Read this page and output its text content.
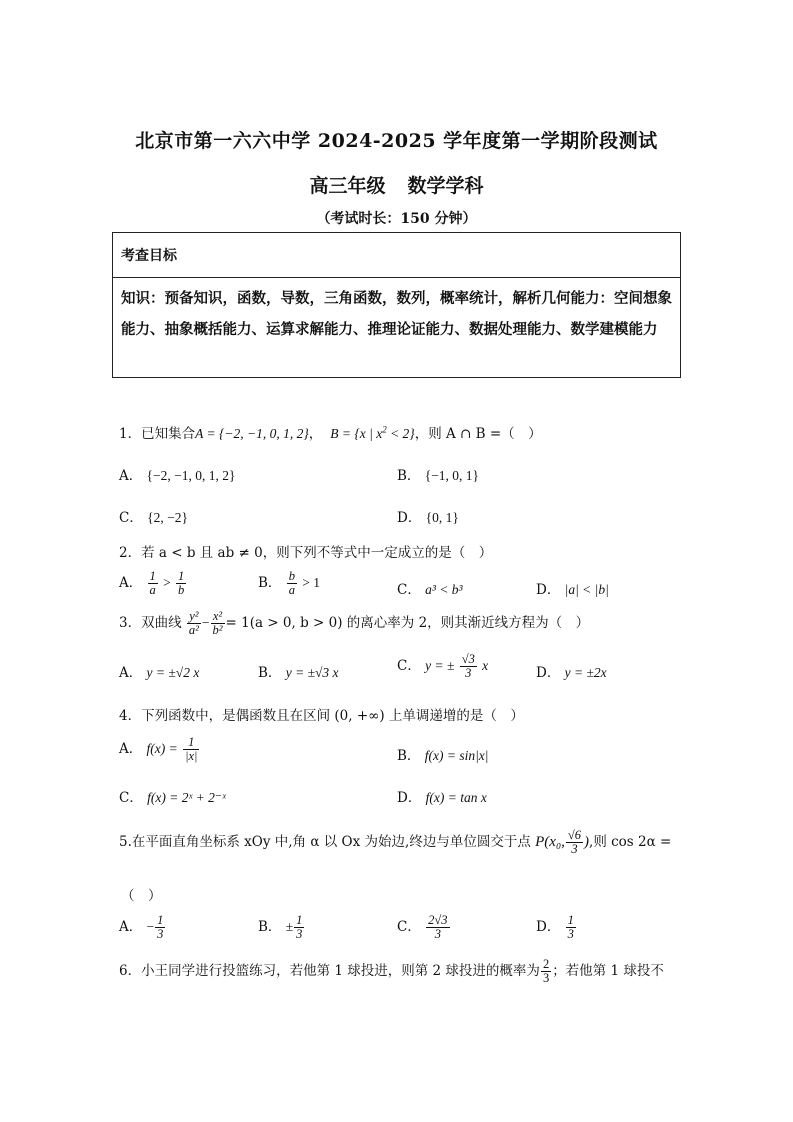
北京市第一六六中学 2024-2025 学年度第一学期阶段测试
高三年级 数学学科
（考试时长：150 分钟）
考查目标
知识：预备知识，函数，导数，三角函数，数列，概率统计，解析几何能力：空间想象能力、抽象概括能力、运算求解能力、推理论证能力、数据处理能力、数学建模能力
1．已知集合A = {−2, −1, 0, 1, 2}， B = {x | $x^2 < 2$}，则 A ∩ B =（　）
A． {−2, −1, 0, 1, 2}	B． {−1, 0, 1}
C． {2, −2}	D． {0, 1}
2．若 a < b 且 ab ≠ 0，则下列不等式中一定成立的是（　）
A． $\frac{1}{a} > \frac{1}{b}$	B． $\frac{b}{a} > 1$	C． a³ < b³	D． |a| < |b|
3．双曲线 $\frac{\text{y²}}{\text{a²}} - \frac{\text{x²}}{\text{b²}} = 1(a > 0$, b > 0) 的离心率为 2，则其渐近线方程为（　）
A． y = ±√2 x	B． y = ±√3 x	C． y = ± $\frac{√3}{3}$ x	D． y = ±2x
4．下列函数中，是偶函数且在区间 (0, +∞) 上单调递增的是（　）
A． $f(x) = \frac{1}{|x|}$	B． f(x) = sin|x|
C． f(x) = 2ˣ + 2⁻ˣ	D． f(x) = tan x
5.在平面直角坐标系 xOy 中,角 α 以 Ox 为始边,终边与单位圆交于点 P(x₀, $\frac{√6}{3}$ ),则 cos 2α =
（　）
A． − $\frac{1}{3}$	B． ± $\frac{1}{3}$	C． $\frac{2√3}{3}$	D． $\frac{1}{3}$
6．小王同学进行投篮练习，若他第 1 球投进，则第 2 球投进的概率为 $\frac{2}{3}$ ；若他第 1 球投不
